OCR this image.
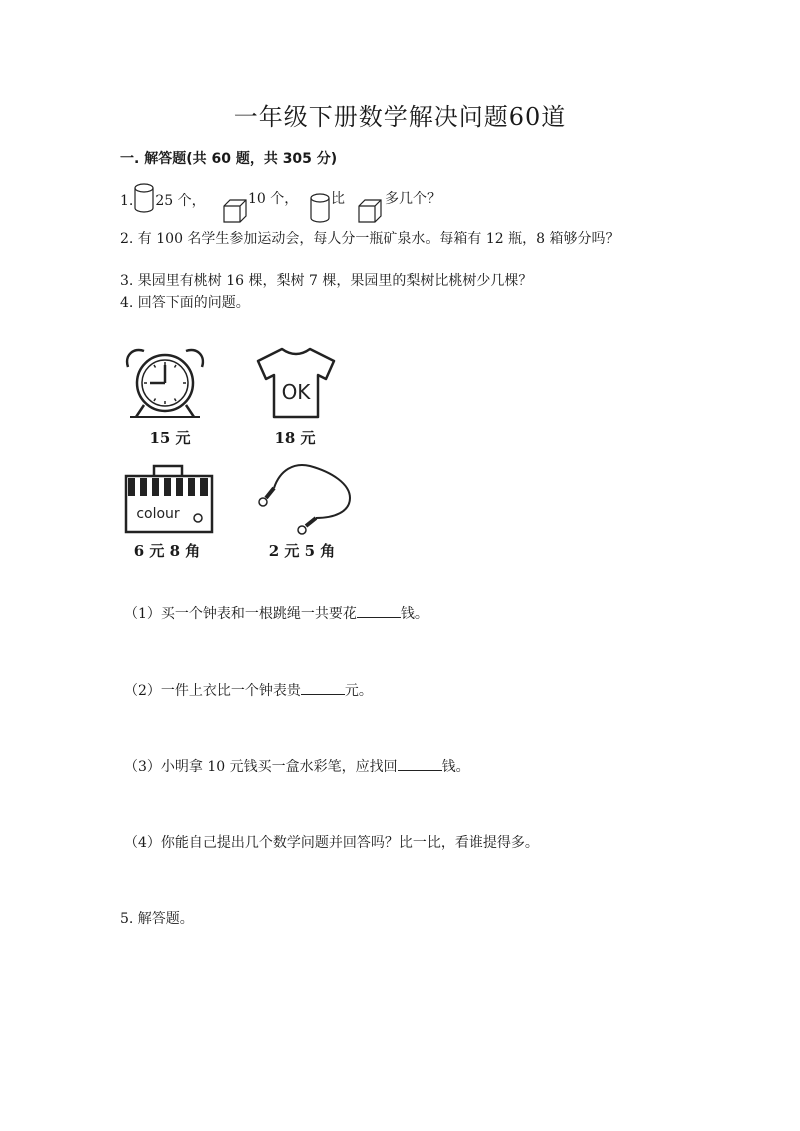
一年级下册数学解决问题60道
一. 解答题(共 60 题，共 305 分)
1. 25 个，	10 个， 比	多几个？
2. 有 100 名学生参加运动会，每人分一瓶矿泉水。每箱有 12 瓶，8 箱够分吗？
3. 果园里有桃树 16 棵，梨树 7 棵，果园里的梨树比桃树少几棵？
4. 回答下面的问题。
15 元
OK
18 元
colour
6 元 8 角	2 元 5 角
（1）买一个钟表和一根跳绳一共要花	钱。
（2）一件上衣比一个钟表贵	元。
（3）小明拿 10 元钱买一盒水彩笔，应找回	钱。
（4）你能自己提出几个数学问题并回答吗？比一比，看谁提得多。
5. 解答题。
